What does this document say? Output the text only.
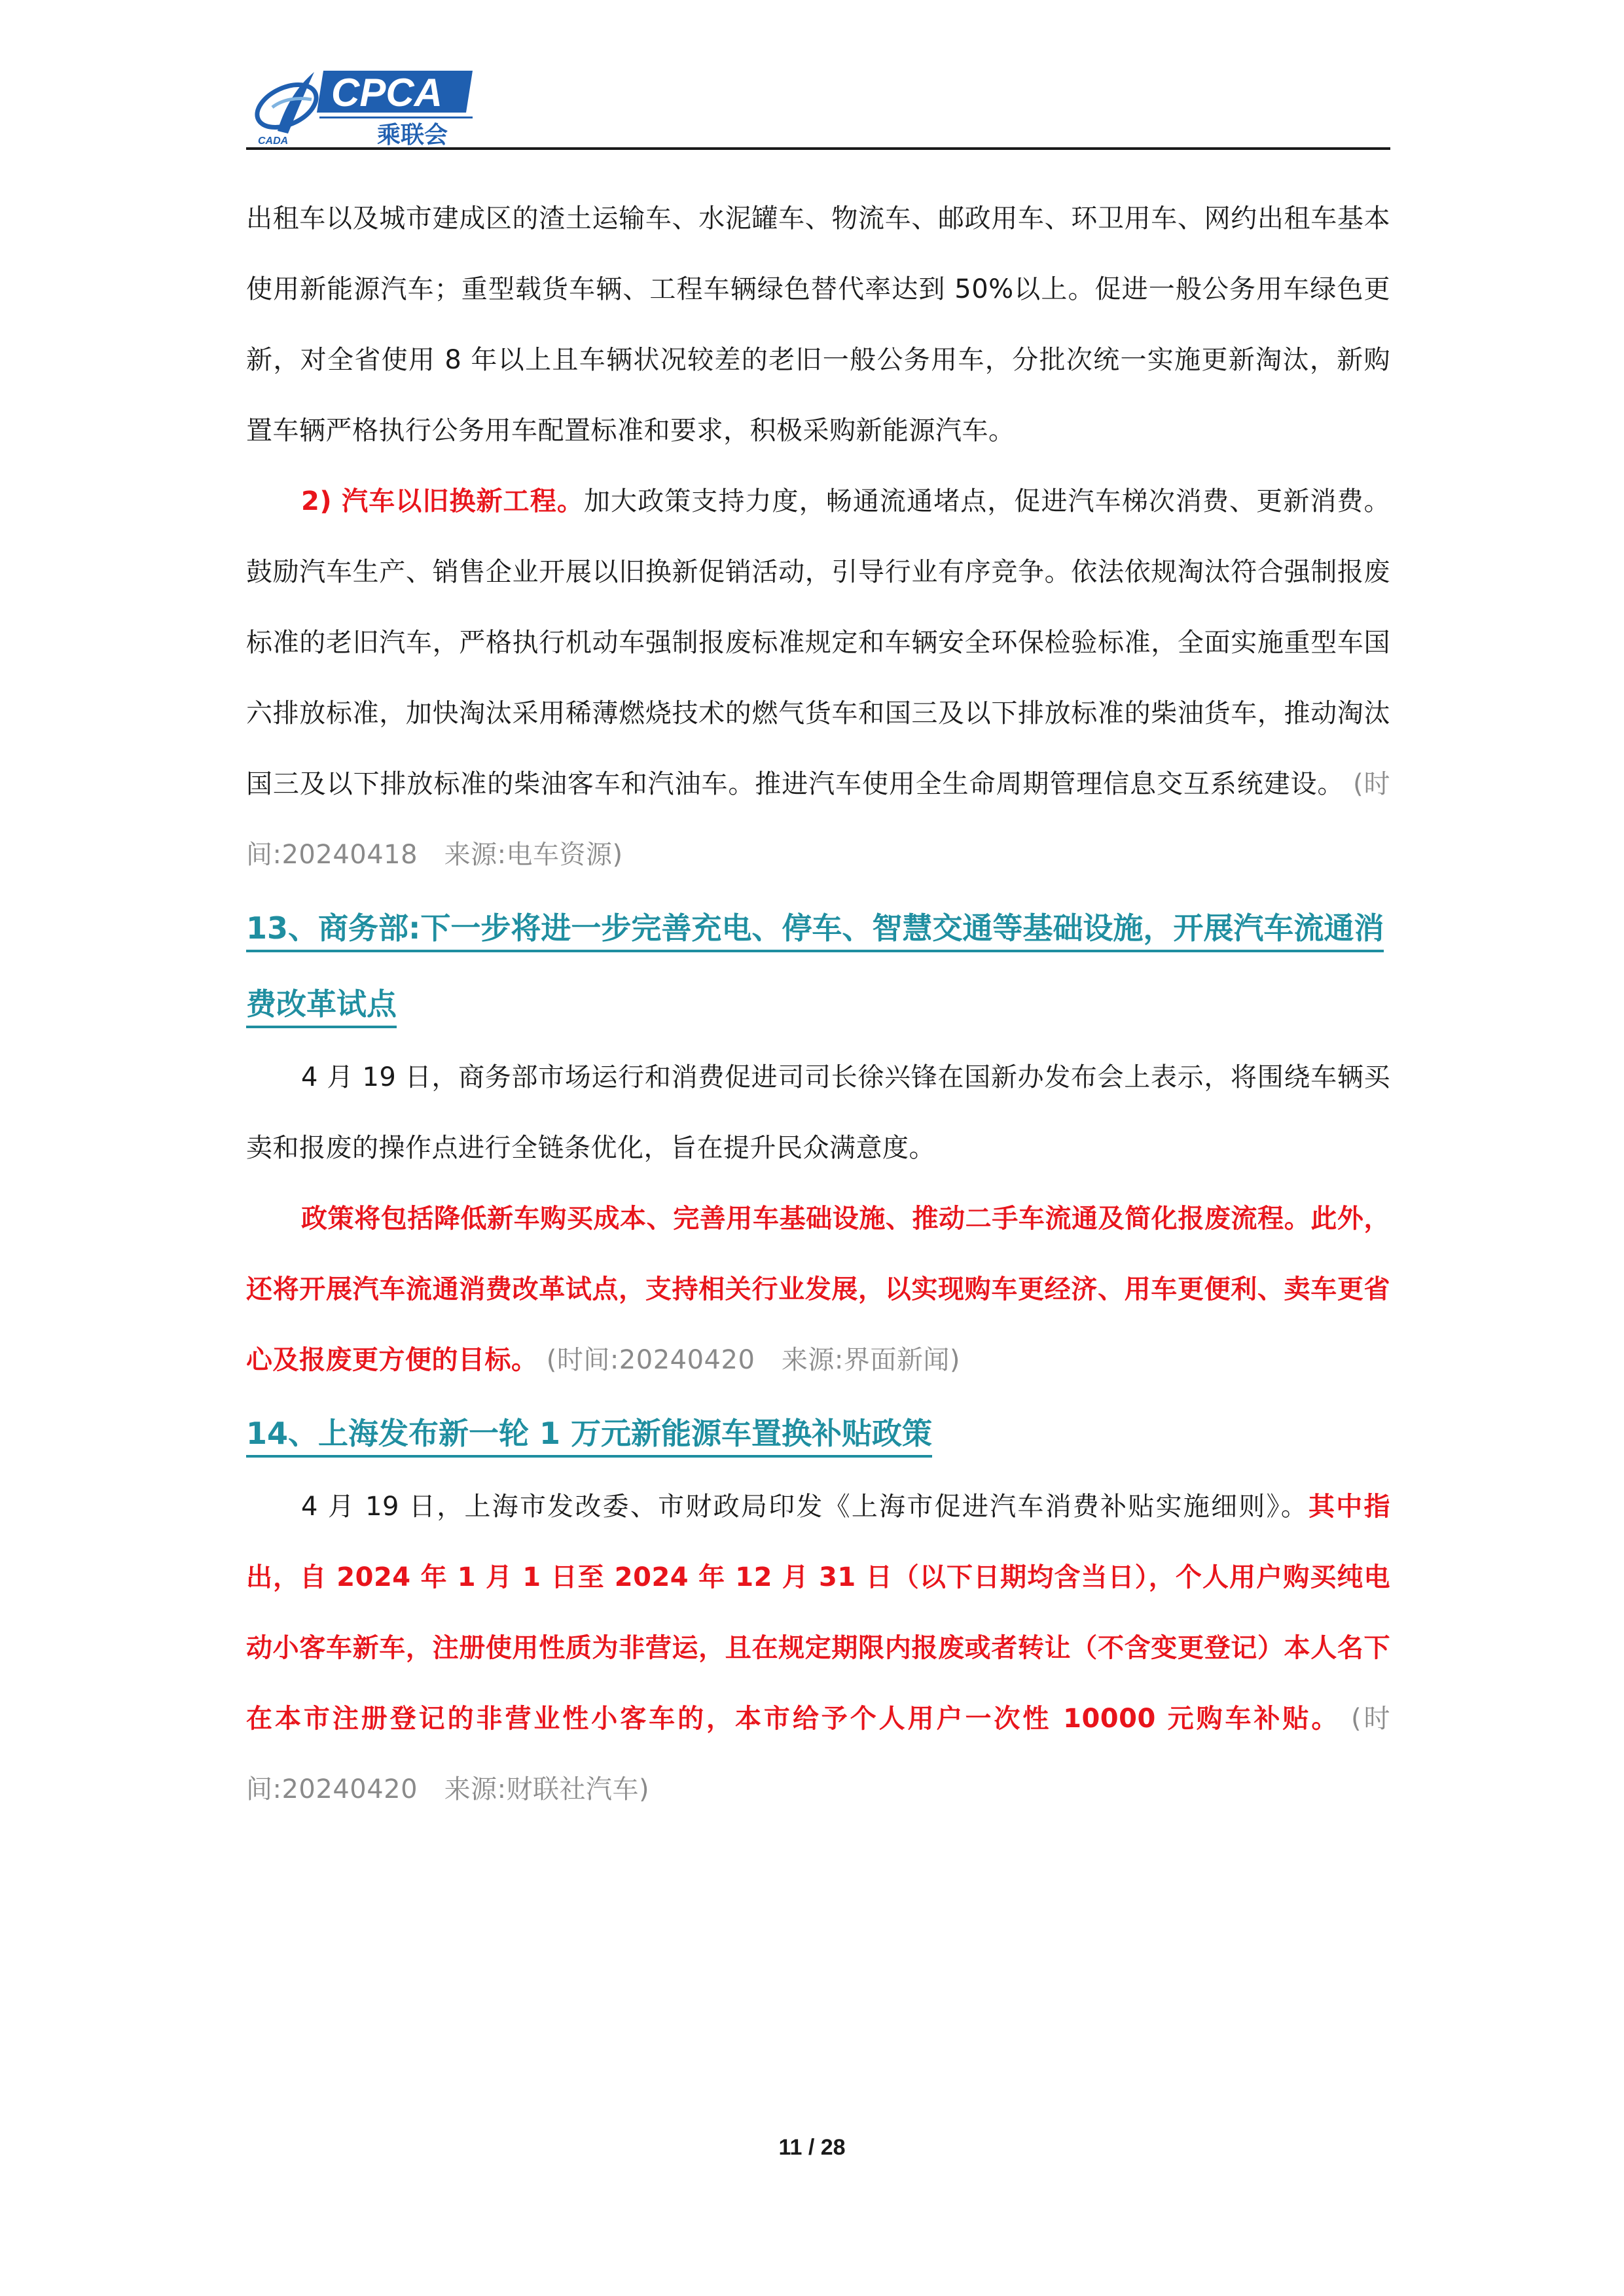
CPCA
乘联会
CADA

出租车以及城市建成区的渣土运输车、水泥罐车、物流车、邮政用车、环卫用车、网约出租车基本使用新能源汽车；重型载货车辆、工程车辆绿色替代率达到 50%以上。促进一般公务用车绿色更新，对全省使用 8 年以上且车辆状况较差的老旧一般公务用车，分批次统一实施更新淘汰，新购置车辆严格执行公务用车配置标准和要求，积极采购新能源汽车。

2) 汽车以旧换新工程。加大政策支持力度，畅通流通堵点，促进汽车梯次消费、更新消费。鼓励汽车生产、销售企业开展以旧换新促销活动，引导行业有序竞争。依法依规淘汰符合强制报废标准的老旧汽车，严格执行机动车强制报废标准规定和车辆安全环保检验标准，全面实施重型车国六排放标准，加快淘汰采用稀薄燃烧技术的燃气货车和国三及以下排放标准的柴油货车，推动淘汰国三及以下排放标准的柴油客车和汽油车。推进汽车使用全生命周期管理信息交互系统建设。 (时间:20240418　来源:电车资源)

13、商务部:下一步将进一步完善充电、停车、智慧交通等基础设施，开展汽车流通消费改革试点

4 月 19 日，商务部市场运行和消费促进司司长徐兴锋在国新办发布会上表示，将围绕车辆买卖和报废的操作点进行全链条优化，旨在提升民众满意度。

政策将包括降低新车购买成本、完善用车基础设施、推动二手车流通及简化报废流程。此外，还将开展汽车流通消费改革试点，支持相关行业发展，以实现购车更经济、用车更便利、卖车更省心及报废更方便的目标。 (时间:20240420　来源:界面新闻)

14、上海发布新一轮 1 万元新能源车置换补贴政策

4 月 19 日，上海市发改委、市财政局印发《上海市促进汽车消费补贴实施细则》。其中指出，自 2024 年 1 月 1 日至 2024 年 12 月 31 日（以下日期均含当日），个人用户购买纯电动小客车新车，注册使用性质为非营运，且在规定期限内报废或者转让（不含变更登记）本人名下在本市注册登记的非营业性小客车的，本市给予个人用户一次性 10000 元购车补贴。 (时间:20240420　来源:财联社汽车)

11 / 28
